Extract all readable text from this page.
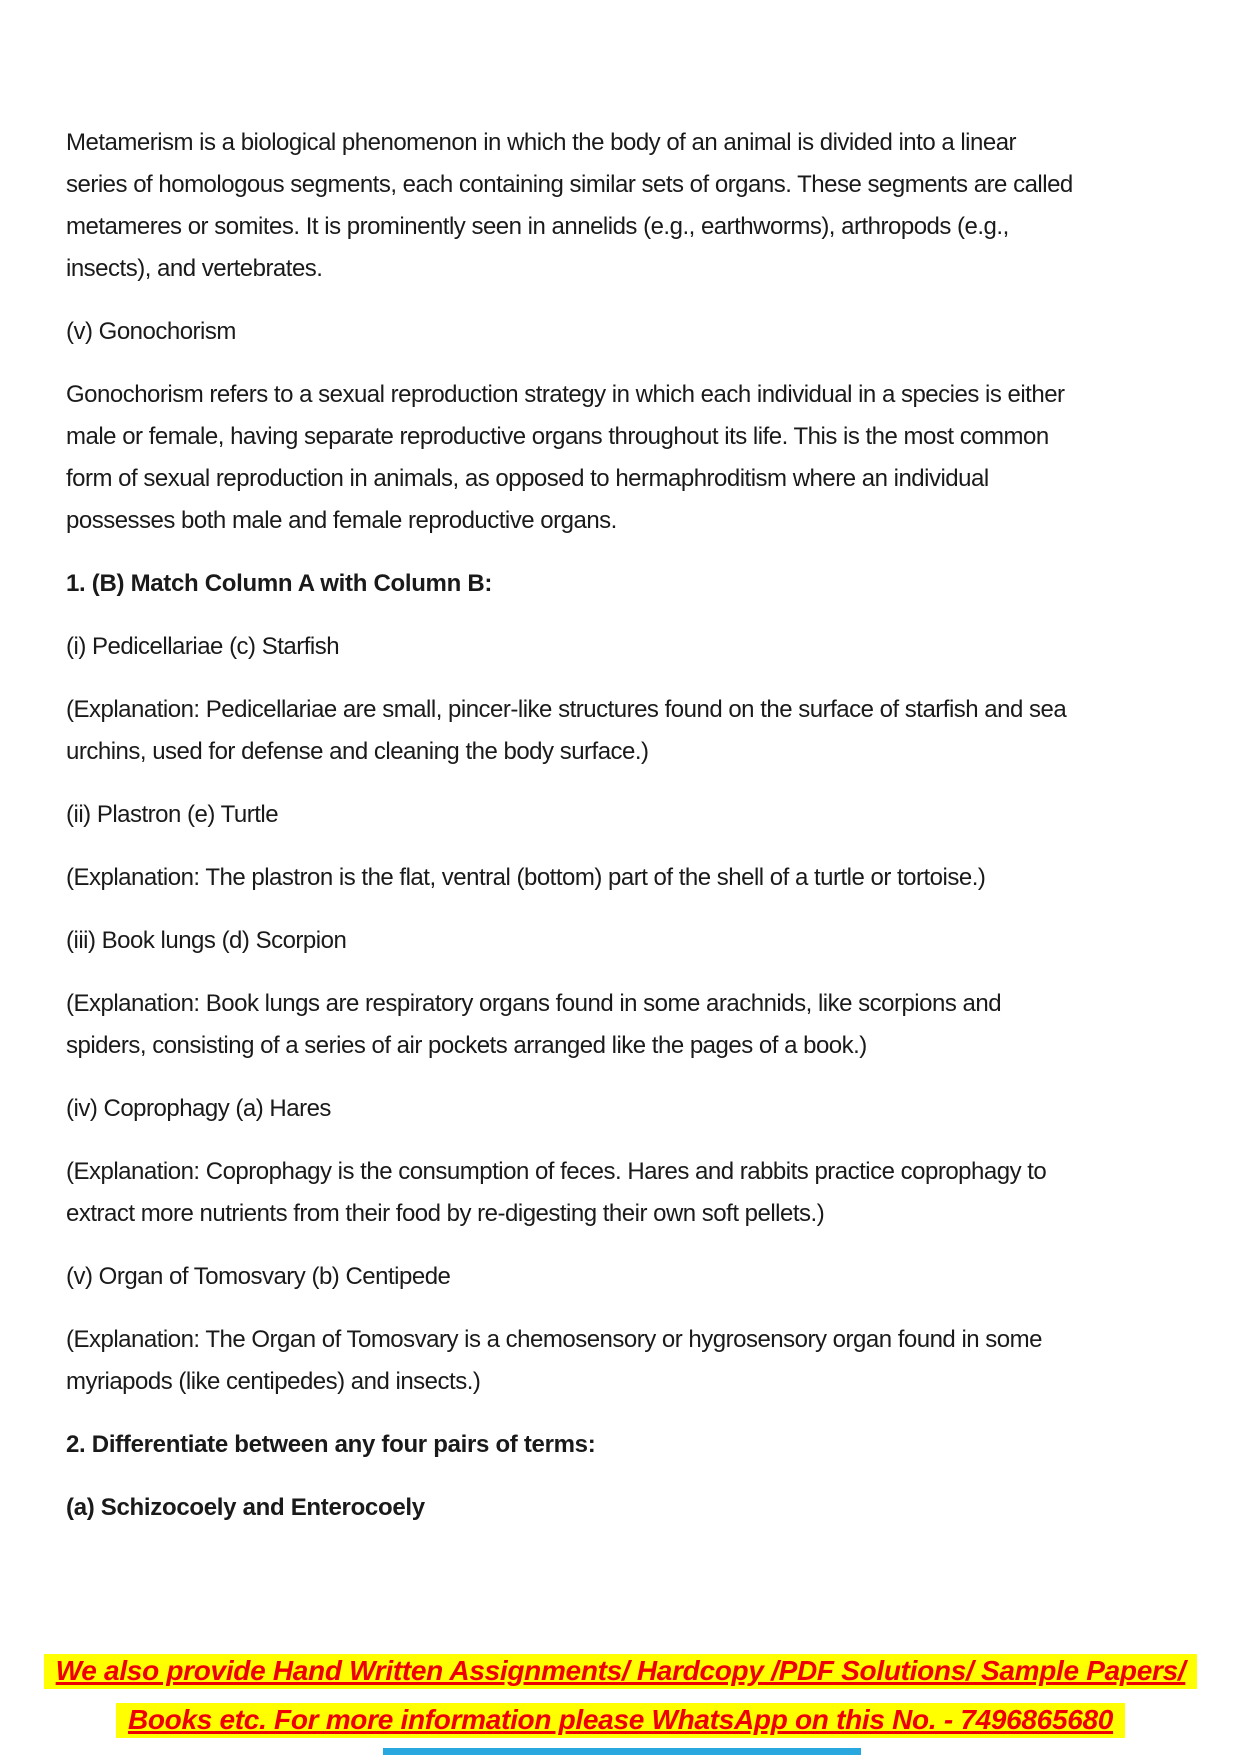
Metamerism is a biological phenomenon in which the body of an animal is divided into a linear series of homologous segments, each containing similar sets of organs. These segments are called metameres or somites. It is prominently seen in annelids (e.g., earthworms), arthropods (e.g., insects), and vertebrates.

(v) Gonochorism

Gonochorism refers to a sexual reproduction strategy in which each individual in a species is either male or female, having separate reproductive organs throughout its life. This is the most common form of sexual reproduction in animals, as opposed to hermaphroditism where an individual possesses both male and female reproductive organs.

1. (B) Match Column A with Column B:

(i) Pedicellariae (c) Starfish

(Explanation: Pedicellariae are small, pincer-like structures found on the surface of starfish and sea urchins, used for defense and cleaning the body surface.)

(ii) Plastron (e) Turtle

(Explanation: The plastron is the flat, ventral (bottom) part of the shell of a turtle or tortoise.)

(iii) Book lungs (d) Scorpion

(Explanation: Book lungs are respiratory organs found in some arachnids, like scorpions and spiders, consisting of a series of air pockets arranged like the pages of a book.)

(iv) Coprophagy (a) Hares

(Explanation: Coprophagy is the consumption of feces. Hares and rabbits practice coprophagy to extract more nutrients from their food by re-digesting their own soft pellets.)

(v) Organ of Tomosvary (b) Centipede

(Explanation: The Organ of Tomosvary is a chemosensory or hygrosensory organ found in some myriapods (like centipedes) and insects.)

2. Differentiate between any four pairs of terms:

(a) Schizocoely and Enterocoely

We also provide Hand Written Assignments/ Hardcopy /PDF Solutions/ Sample Papers/

Books etc. For more information please WhatsApp on this No. - 7496865680
